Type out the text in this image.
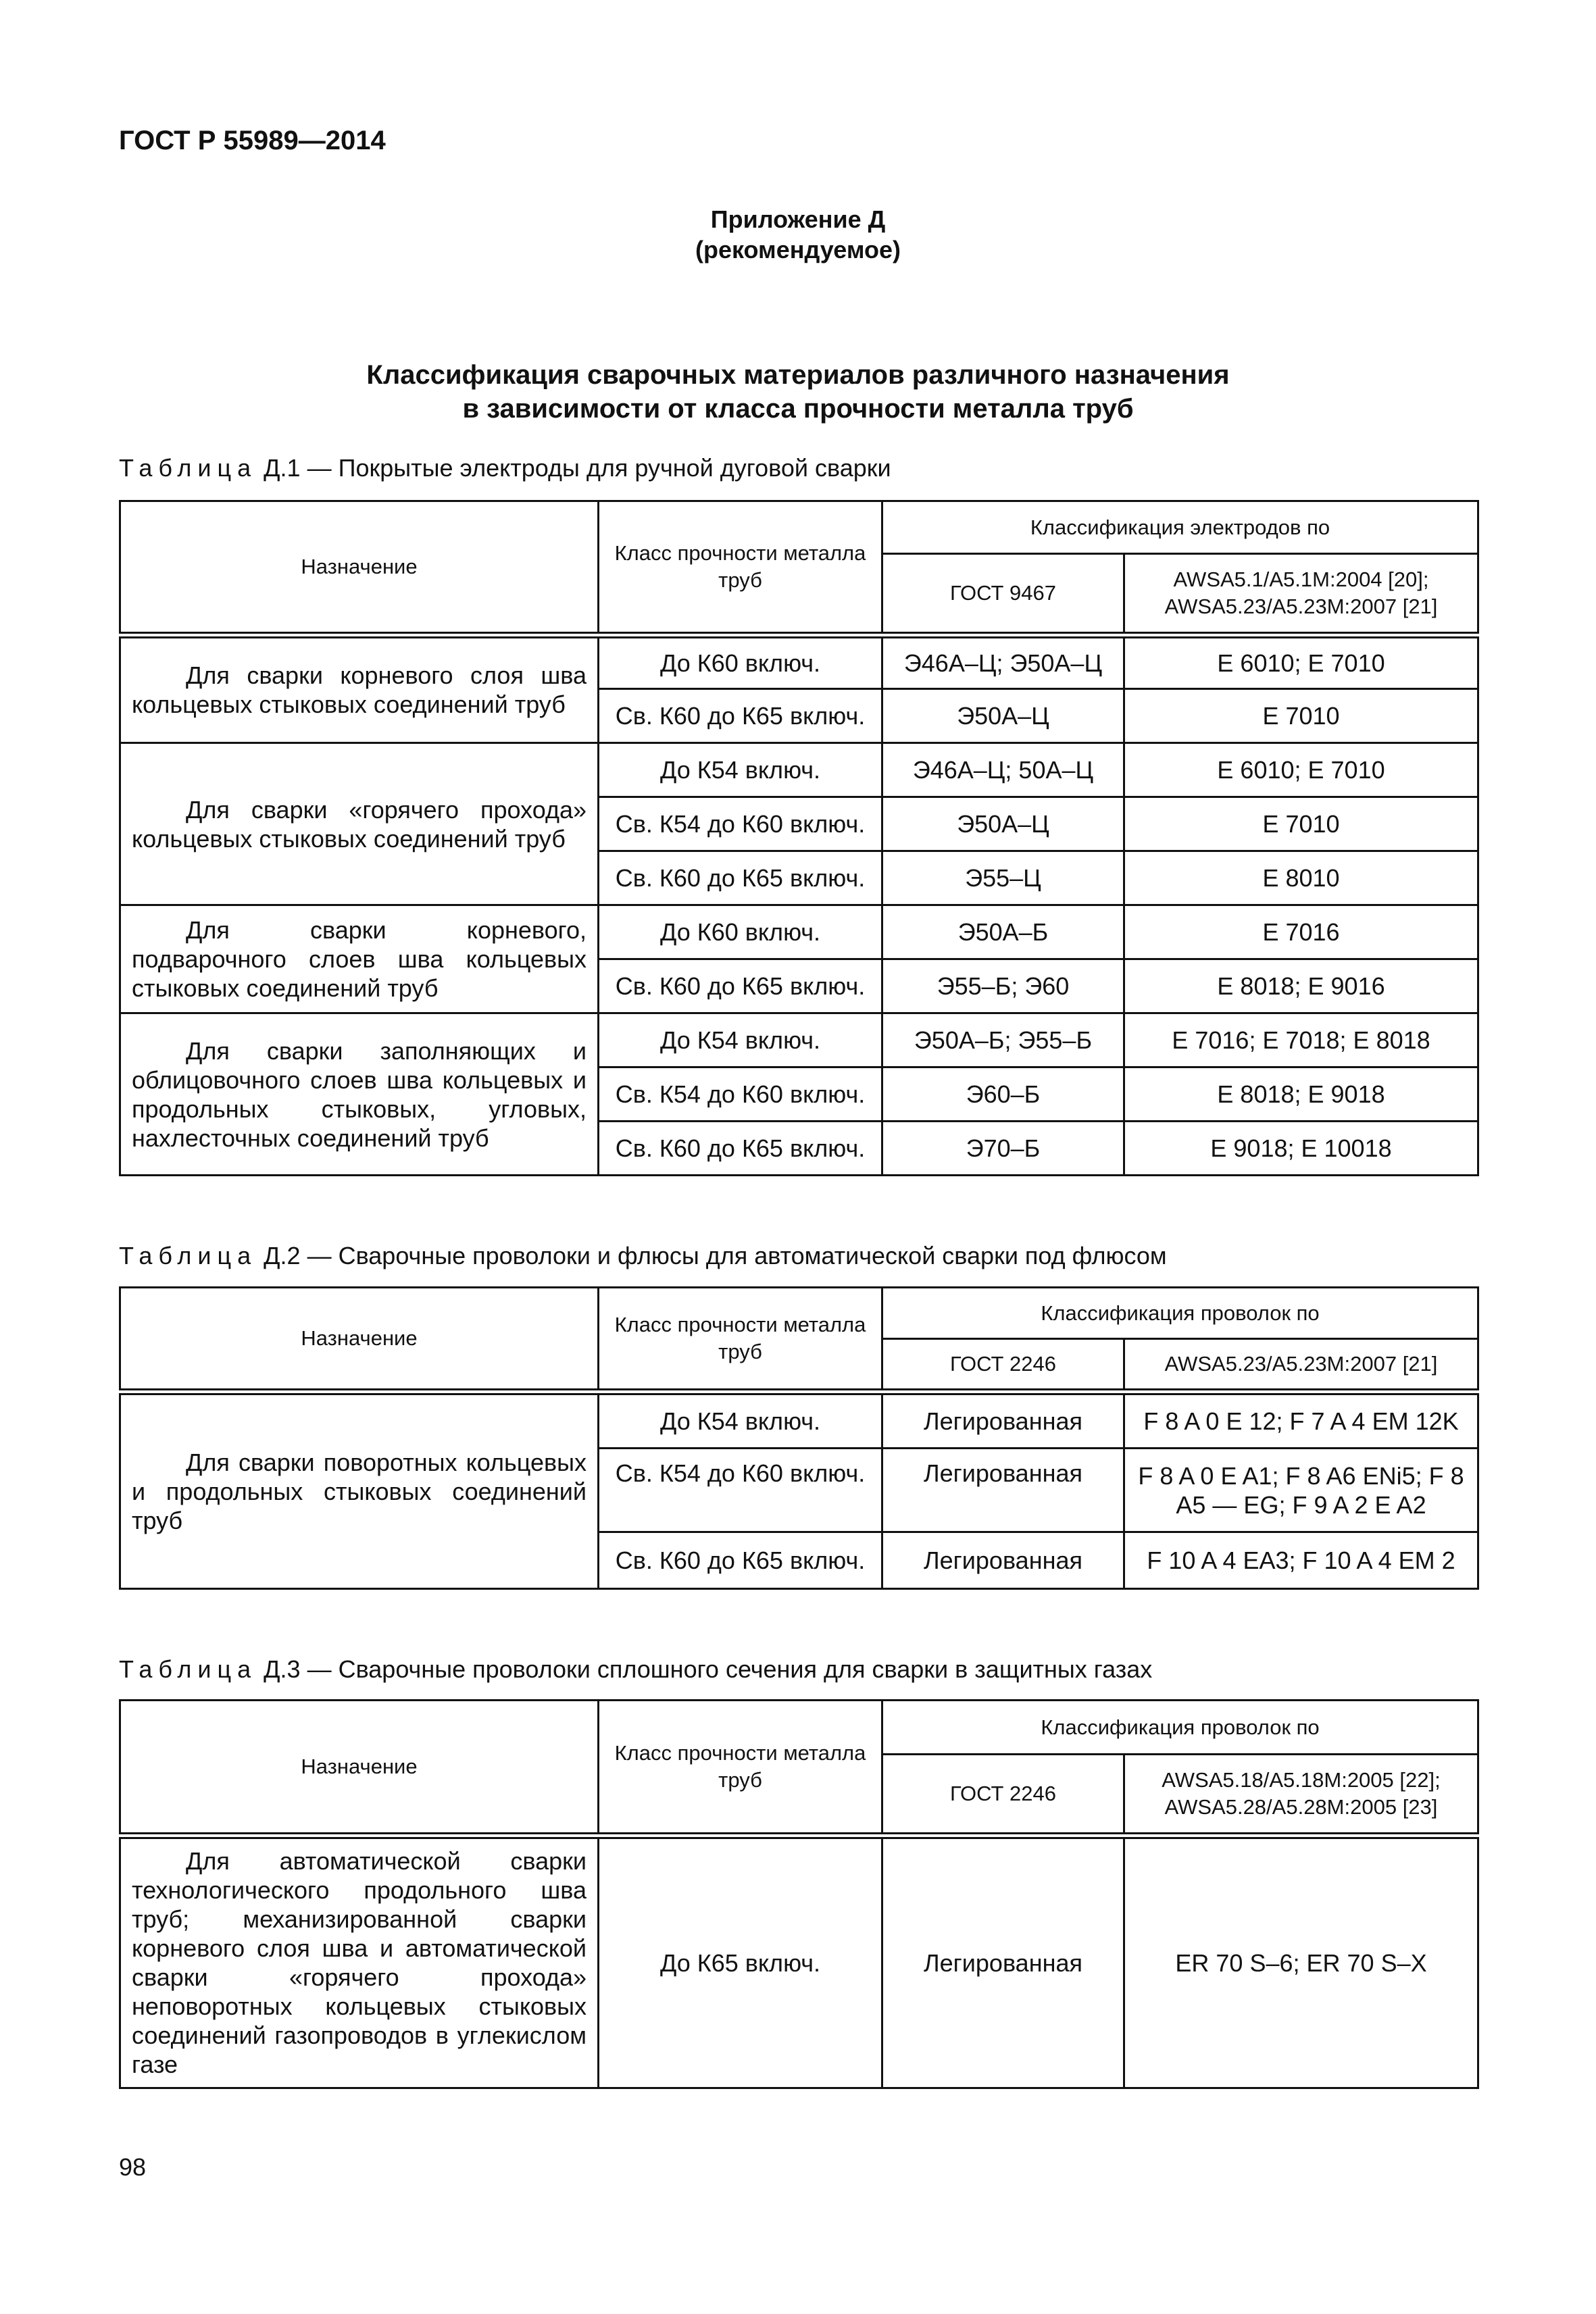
ГОСТ Р 55989—2014
Приложение Д
(рекомендуемое)
Классификация сварочных материалов различного назначения
в зависимости от класса прочности металла труб
Таблица Д.1 — Покрытые электроды для ручной дуговой сварки
Назначение	Класс прочности металла труб	Классификация электродов по	
		ГОСТ 9467	AWSA5.1/A5.1M:2004 [20]; AWSA5.23/A5.23M:2007 [21]
Для сварки корневого слоя шва кольцевых стыковых соединений труб	До К60 включ.	Э46А–Ц; Э50А–Ц	E 6010; E 7010
	Св. К60 до К65 включ.	Э50А–Ц	E 7010
Для сварки «горячего прохода» кольцевых стыковых соединений труб	До К54 включ.	Э46А–Ц; 50А–Ц	E 6010; E 7010
	Св. К54 до К60 включ.	Э50А–Ц	E 7010
	Св. К60 до К65 включ.	Э55–Ц	E 8010
Для сварки корневого, подварочного слоев шва кольцевых стыковых соединений труб	До К60 включ.	Э50А–Б	E 7016
	Св. К60 до К65 включ.	Э55–Б; Э60	E 8018; E 9016
Для сварки заполняющих и облицовочного слоев шва кольцевых и продольных стыковых, угловых, нахлесточных соединений труб	До К54 включ.	Э50А–Б; Э55–Б	E 7016; E 7018; E 8018
	Св. К54 до К60 включ.	Э60–Б	E 8018; E 9018
	Св. К60 до К65 включ.	Э70–Б	E 9018; E 10018
Таблица Д.2 — Сварочные проволоки и флюсы для автоматической сварки под флюсом
Назначение	Класс прочности металла труб	Классификация проволок по	
		ГОСТ 2246	AWSA5.23/A5.23M:2007 [21]
Для сварки поворотных кольцевых и продольных стыковых соединений труб	До К54 включ.	Легированная	F 8 A 0 E 12; F 7 A 4 EM 12K
	Св. К54 до К60 включ.	Легированная	F 8 A 0 E A1; F 8 A6 ENi5; F 8 A5 — EG; F 9 A 2 E A2
	Св. К60 до К65 включ.	Легированная	F 10 A 4 EA3; F 10 A 4 EM 2
Таблица Д.3 — Сварочные проволоки сплошного сечения для сварки в защитных газах
Назначение	Класс прочности металла труб	Классификация проволок по	
		ГОСТ 2246	AWSA5.18/A5.18M:2005 [22]; AWSA5.28/A5.28M:2005 [23]
Для автоматической сварки технологического продольного шва труб; механизированной сварки корневого слоя шва и автоматической сварки «горячего прохода» неповоротных кольцевых стыковых соединений газопроводов в углекислом газе	До К65 включ.	Легированная	ER 70 S–6; ER 70 S–X
98
